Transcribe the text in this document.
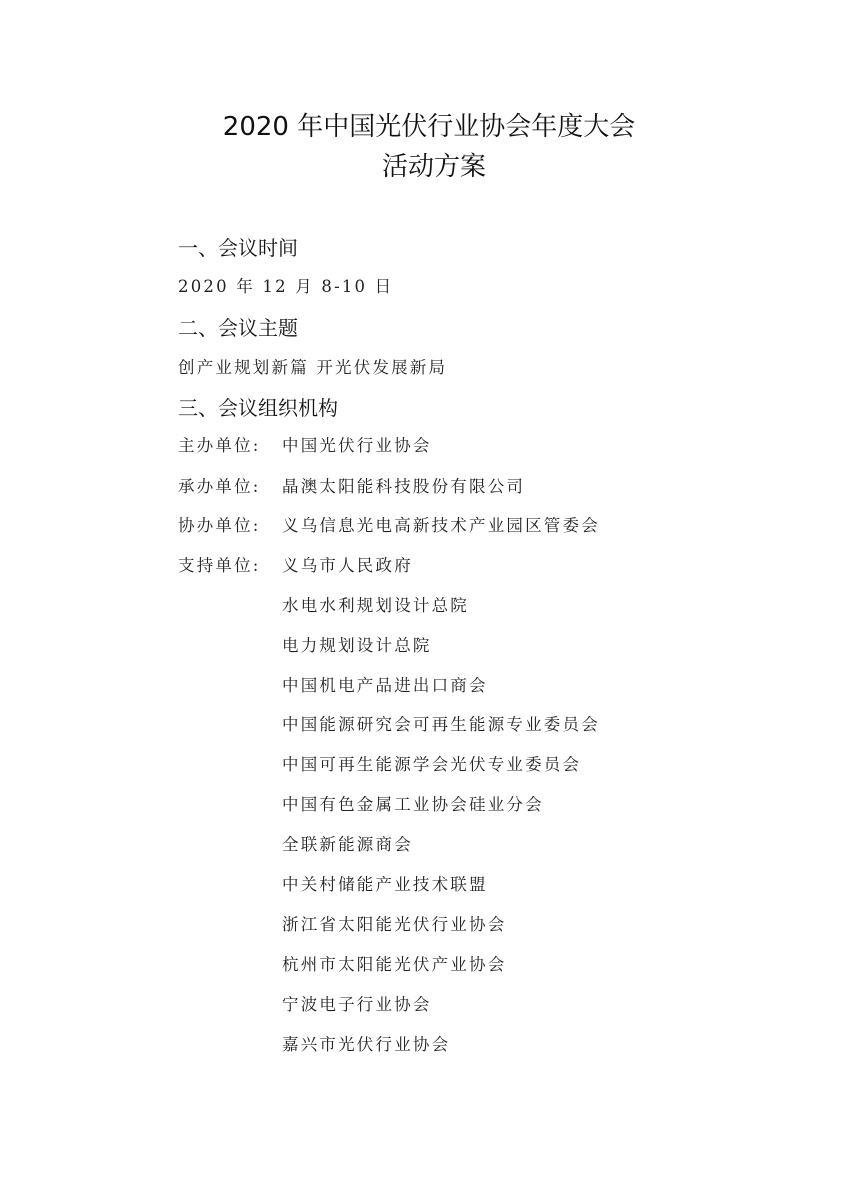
2020 年中国光伏行业协会年度大会
活动方案
一、会议时间
2020 年 12 月 8-10 日
二、会议主题
创产业规划新篇 开光伏发展新局
三、会议组织机构
主办单位: 中国光伏行业协会
承办单位: 晶澳太阳能科技股份有限公司
协办单位: 义乌信息光电高新技术产业园区管委会
支持单位: 义乌市人民政府
水电水利规划设计总院
电力规划设计总院
中国机电产品进出口商会
中国能源研究会可再生能源专业委员会
中国可再生能源学会光伏专业委员会
中国有色金属工业协会硅业分会
全联新能源商会
中关村储能产业技术联盟
浙江省太阳能光伏行业协会
杭州市太阳能光伏产业协会
宁波电子行业协会
嘉兴市光伏行业协会
